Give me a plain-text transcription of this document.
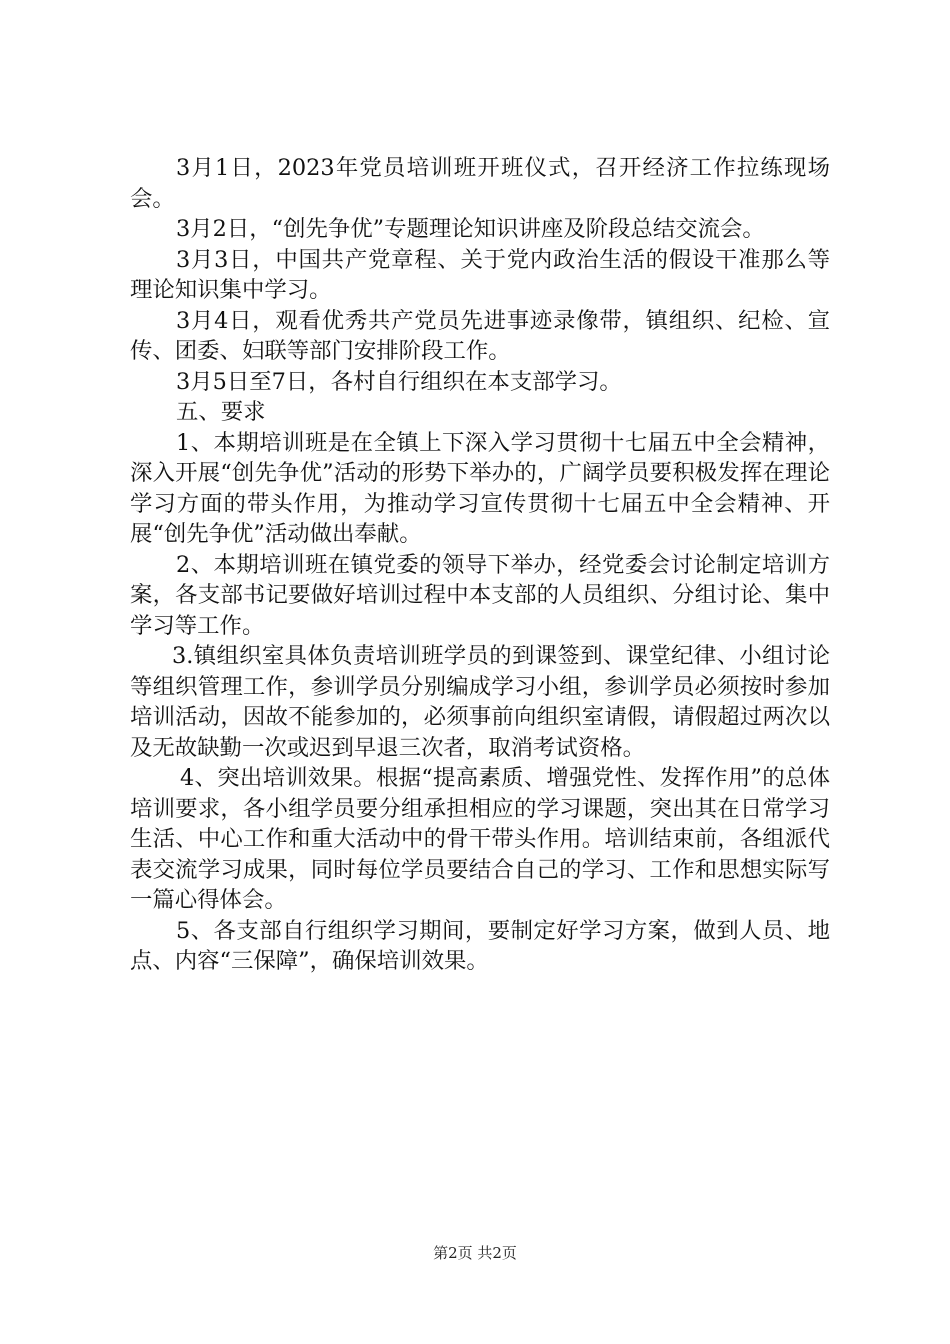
3月1日，2023年党员培训班开班仪式，召开经济工作拉练现场会。

3月2日，“创先争优”专题理论知识讲座及阶段总结交流会。

3月3日，中国共产党章程、关于党内政治生活的假设干准那么等理论知识集中学习。

3月4日，观看优秀共产党员先进事迹录像带，镇组织、纪检、宣传、团委、妇联等部门安排阶段工作。

3月5日至7日，各村自行组织在本支部学习。

五、要求

1、本期培训班是在全镇上下深入学习贯彻十七届五中全会精神，深入开展“创先争优”活动的形势下举办的，广阔学员要积极发挥在理论学习方面的带头作用，为推动学习宣传贯彻十七届五中全会精神、开展“创先争优”活动做出奉献。

2、本期培训班在镇党委的领导下举办，经党委会讨论制定培训方案，各支部书记要做好培训过程中本支部的人员组织、分组讨论、集中学习等工作。

3.镇组织室具体负责培训班学员的到课签到、课堂纪律、小组讨论等组织管理工作，参训学员分别编成学习小组，参训学员必须按时参加培训活动，因故不能参加的，必须事前向组织室请假，请假超过两次以及无故缺勤一次或迟到早退三次者，取消考试资格。

4、突出培训效果。根据“提高素质、增强党性、发挥作用”的总体培训要求，各小组学员要分组承担相应的学习课题，突出其在日常学习生活、中心工作和重大活动中的骨干带头作用。培训结束前，各组派代表交流学习成果，同时每位学员要结合自己的学习、工作和思想实际写一篇心得体会。

5、各支部自行组织学习期间，要制定好学习方案，做到人员、地点、内容“三保障”，确保培训效果。

第2页 共2页
